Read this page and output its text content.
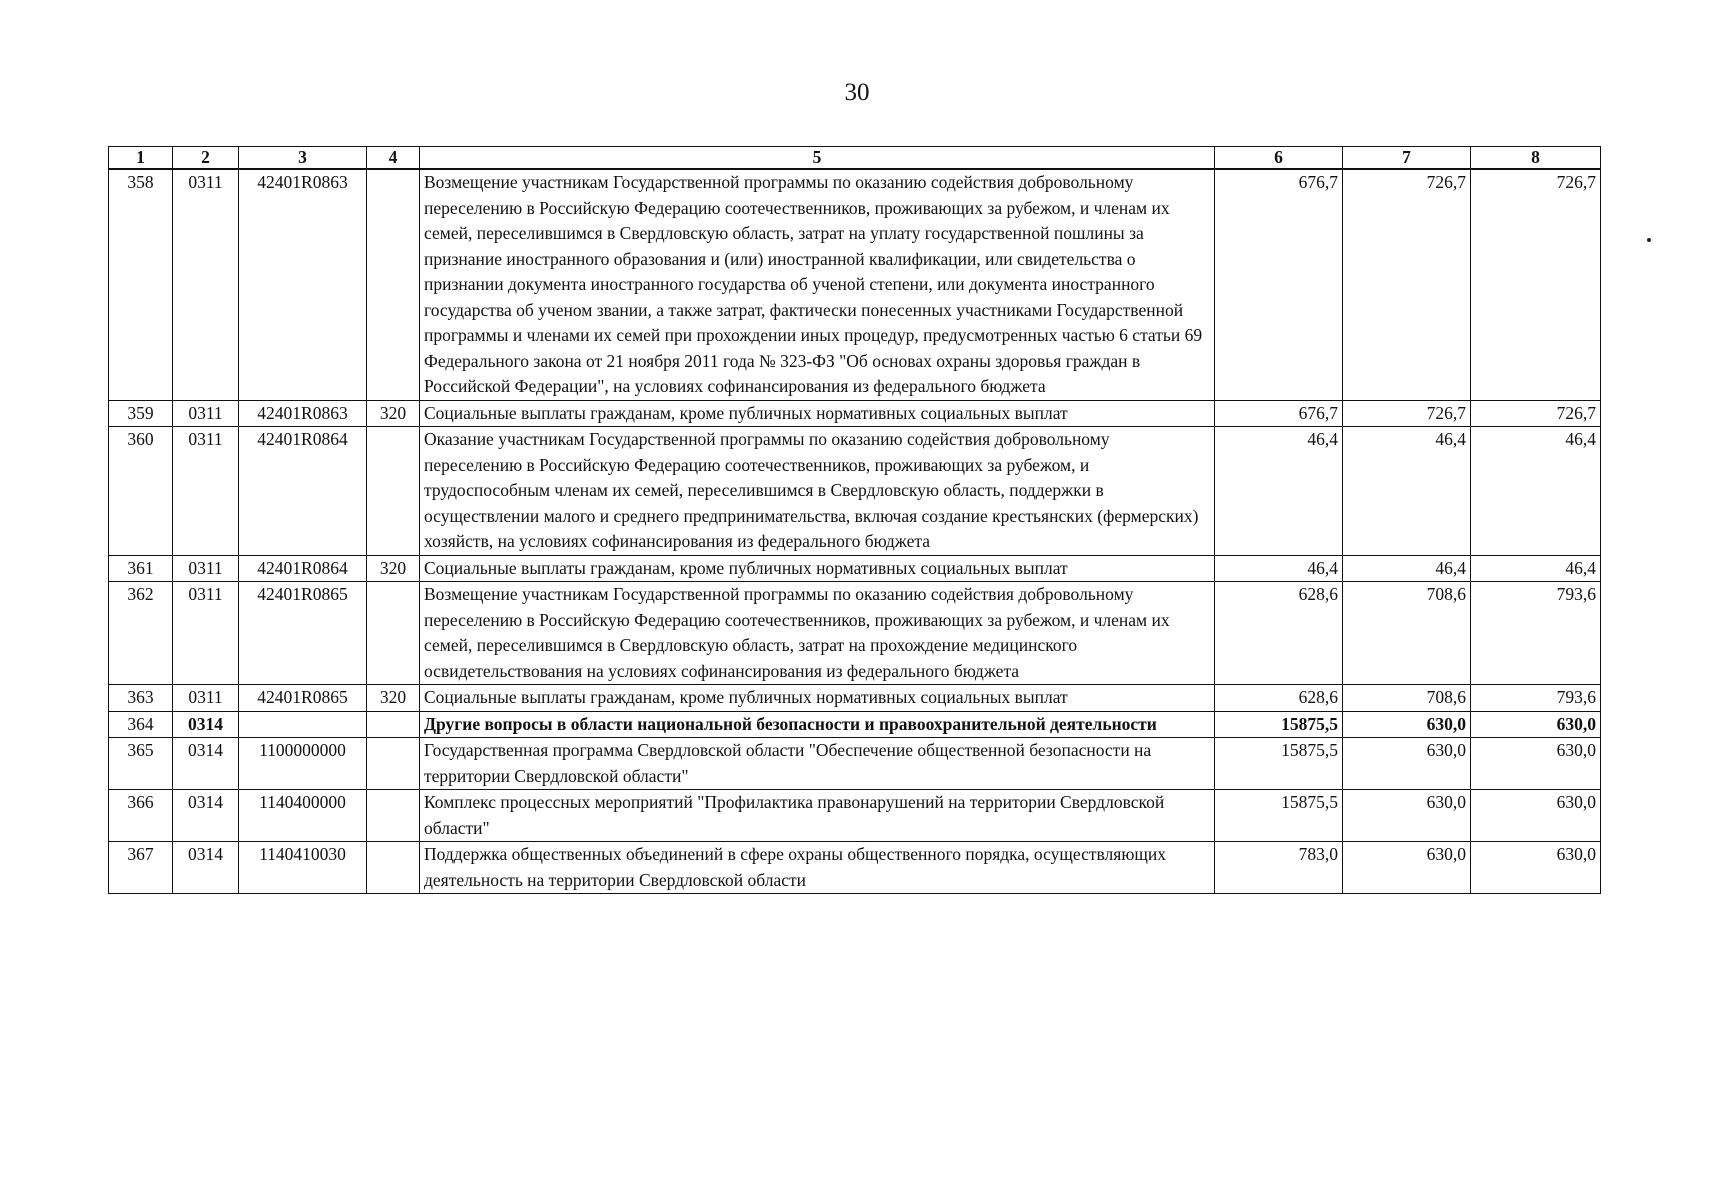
30
1	2	3	4	5	6	7	8
358	0311	42401R0863		Возмещение участникам Государственной программы по оказанию содействия добровольному переселению в Российскую Федерацию соотечественников, проживающих за рубежом, и членам их семей, переселившимся в Свердловскую область, затрат на уплату государственной пошлины за признание иностранного образования и (или) иностранной квалификации, или свидетельства о признании документа иностранного государства об ученой степени, или документа иностранного государства об ученом звании, а также затрат, фактически понесенных участниками Государственной программы и членами их семей при прохождении иных процедур, предусмотренных частью 6 статьи 69 Федерального закона от 21 ноября 2011 года № 323-ФЗ "Об основах охраны здоровья граждан в Российской Федерации", на условиях софинансирования из федерального бюджета	676,7	726,7	726,7
359	0311	42401R0863	320	Социальные выплаты гражданам, кроме публичных нормативных социальных выплат	676,7	726,7	726,7
360	0311	42401R0864		Оказание участникам Государственной программы по оказанию содействия добровольному переселению в Российскую Федерацию соотечественников, проживающих за рубежом, и трудоспособным членам их семей, переселившимся в Свердловскую область, поддержки в осуществлении малого и среднего предпринимательства, включая создание крестьянских (фермерских) хозяйств, на условиях софинансирования из федерального бюджета	46,4	46,4	46,4
361	0311	42401R0864	320	Социальные выплаты гражданам, кроме публичных нормативных социальных выплат	46,4	46,4	46,4
362	0311	42401R0865		Возмещение участникам Государственной программы по оказанию содействия добровольному переселению в Российскую Федерацию соотечественников, проживающих за рубежом, и членам их семей, переселившимся в Свердловскую область, затрат на прохождение медицинского освидетельствования на условиях софинансирования из федерального бюджета	628,6	708,6	793,6
363	0311	42401R0865	320	Социальные выплаты гражданам, кроме публичных нормативных социальных выплат	628,6	708,6	793,6
364	0314			Другие вопросы в области национальной безопасности и правоохранительной деятельности	15875,5	630,0	630,0
365	0314	1100000000		Государственная программа Свердловской области "Обеспечение общественной безопасности на территории Свердловской области"	15875,5	630,0	630,0
366	0314	1140400000		Комплекс процессных мероприятий "Профилактика правонарушений на территории Свердловской области"	15875,5	630,0	630,0
367	0314	1140410030		Поддержка общественных объединений в сфере охраны общественного порядка, осуществляющих деятельность на территории Свердловской области	783,0	630,0	630,0
